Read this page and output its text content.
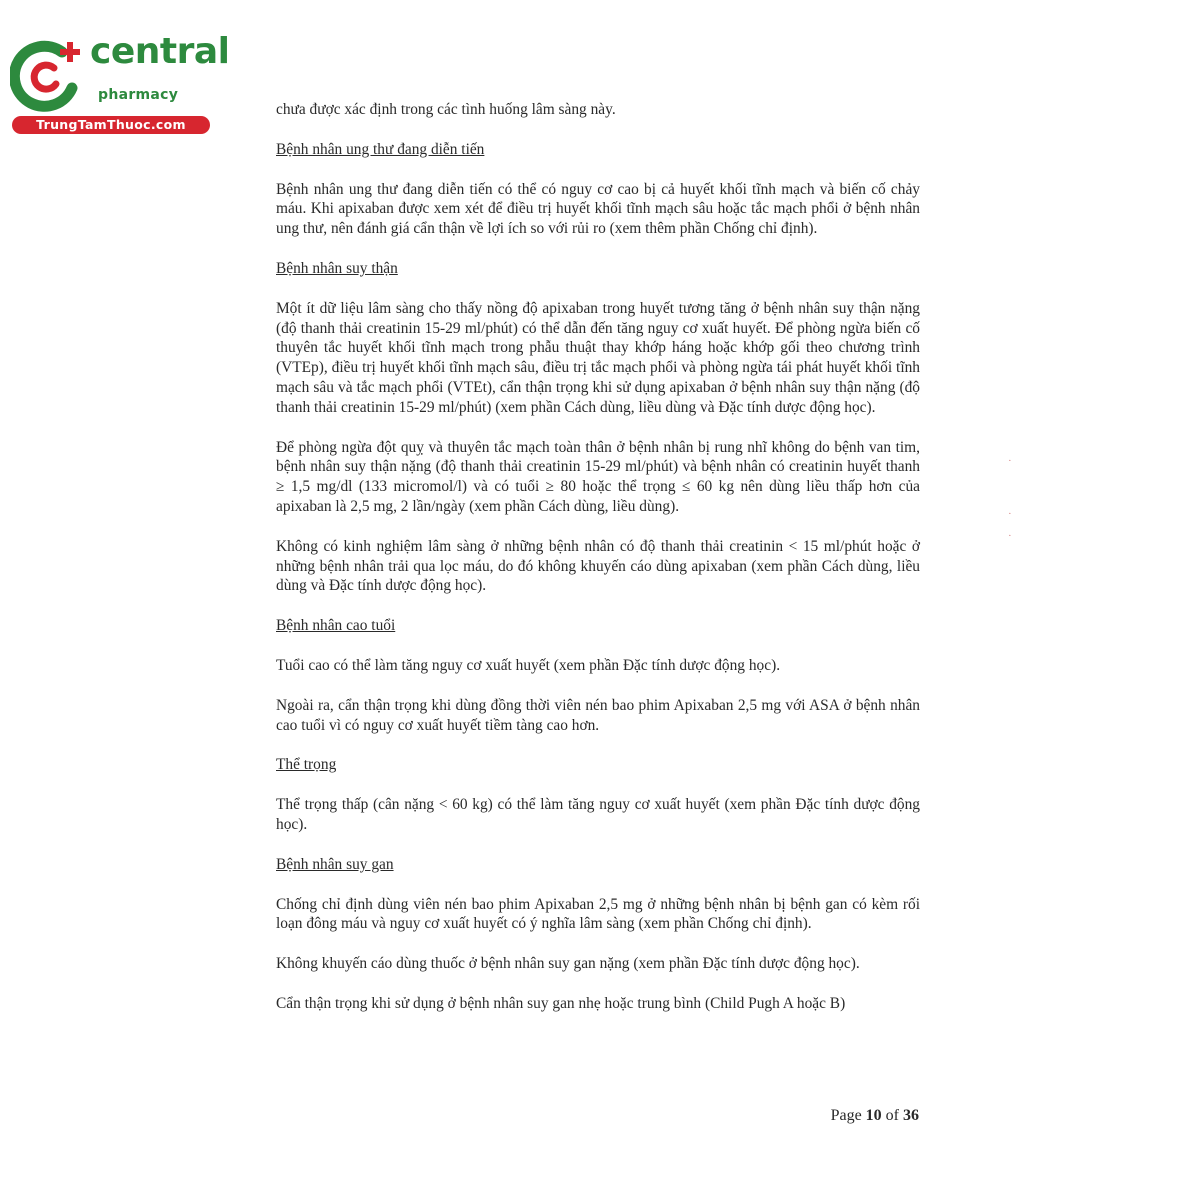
central
pharmacy
TrungTamThuoc.com

chưa được xác định trong các tình huống lâm sàng này.

Bệnh nhân ung thư đang diễn tiến

Bệnh nhân ung thư đang diễn tiến có thể có nguy cơ cao bị cả huyết khối tĩnh mạch và biến cố chảy máu. Khi apixaban được xem xét để điều trị huyết khối tĩnh mạch sâu hoặc tắc mạch phổi ở bệnh nhân ung thư, nên đánh giá cẩn thận về lợi ích so với rủi ro (xem thêm phần Chống chỉ định).

Bệnh nhân suy thận

Một ít dữ liệu lâm sàng cho thấy nồng độ apixaban trong huyết tương tăng ở bệnh nhân suy thận nặng (độ thanh thải creatinin 15-29 ml/phút) có thể dẫn đến tăng nguy cơ xuất huyết. Để phòng ngừa biến cố thuyên tắc huyết khối tĩnh mạch trong phẫu thuật thay khớp háng hoặc khớp gối theo chương trình (VTEp), điều trị huyết khối tĩnh mạch sâu, điều trị tắc mạch phổi và phòng ngừa tái phát huyết khối tĩnh mạch sâu và tắc mạch phổi (VTEt), cẩn thận trọng khi sử dụng apixaban ở bệnh nhân suy thận nặng (độ thanh thải creatinin 15-29 ml/phút) (xem phần Cách dùng, liều dùng và Đặc tính dược động học).

Để phòng ngừa đột quỵ và thuyên tắc mạch toàn thân ở bệnh nhân bị rung nhĩ không do bệnh van tim, bệnh nhân suy thận nặng (độ thanh thải creatinin 15-29 ml/phút) và bệnh nhân có creatinin huyết thanh ≥ 1,5 mg/dl (133 micromol/l) và có tuổi ≥ 80 hoặc thể trọng ≤ 60 kg nên dùng liều thấp hơn của apixaban là 2,5 mg, 2 lần/ngày (xem phần Cách dùng, liều dùng).

Không có kinh nghiệm lâm sàng ở những bệnh nhân có độ thanh thải creatinin < 15 ml/phút hoặc ở những bệnh nhân trải qua lọc máu, do đó không khuyến cáo dùng apixaban (xem phần Cách dùng, liều dùng và Đặc tính dược động học).

Bệnh nhân cao tuổi

Tuổi cao có thể làm tăng nguy cơ xuất huyết (xem phần Đặc tính dược động học).

Ngoài ra, cẩn thận trọng khi dùng đồng thời viên nén bao phim Apixaban 2,5 mg với ASA ở bệnh nhân cao tuổi vì có nguy cơ xuất huyết tiềm tàng cao hơn.

Thể trọng

Thể trọng thấp (cân nặng < 60 kg) có thể làm tăng nguy cơ xuất huyết (xem phần Đặc tính dược động học).

Bệnh nhân suy gan

Chống chỉ định dùng viên nén bao phim Apixaban 2,5 mg ở những bệnh nhân bị bệnh gan có kèm rối loạn đông máu và nguy cơ xuất huyết có ý nghĩa lâm sàng (xem phần Chống chỉ định).

Không khuyến cáo dùng thuốc ở bệnh nhân suy gan nặng (xem phần Đặc tính dược động học).

Cẩn thận trọng khi sử dụng ở bệnh nhân suy gan nhẹ hoặc trung bình (Child Pugh A hoặc B)

·
·
·
Page 10 of 36
